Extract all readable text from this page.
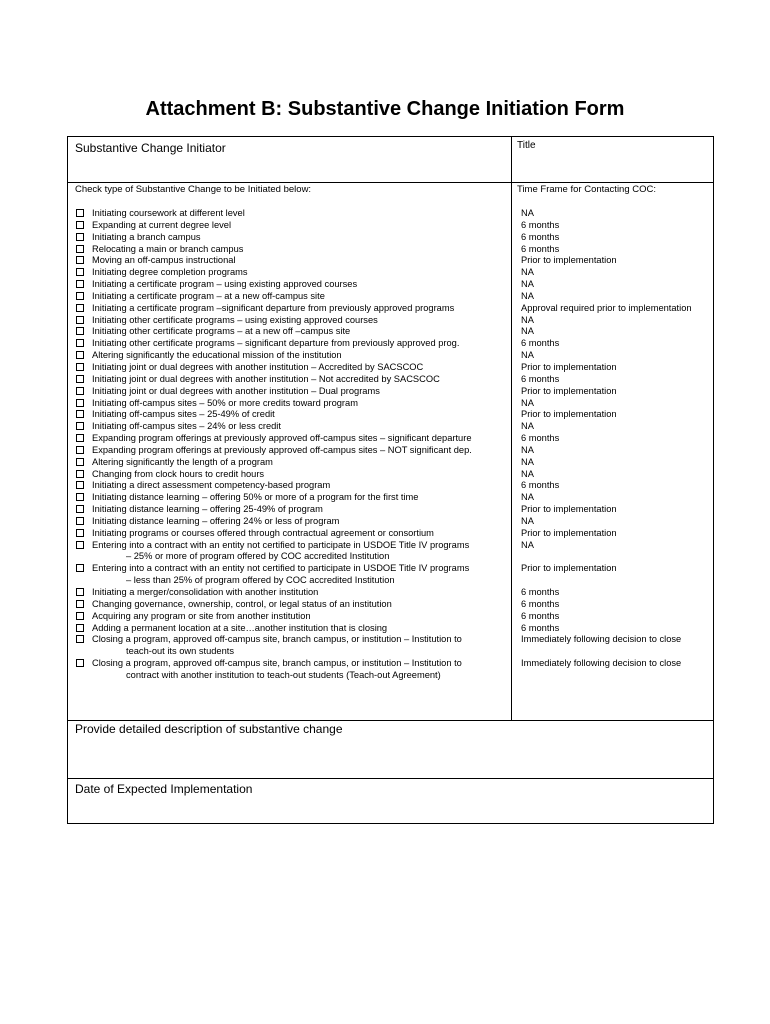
Attachment B: Substantive Change Initiation Form
Substantive Change Initiator	Title
Check type of Substantive Change to be Initiated below:	Time Frame for Contacting COC:
Initiating coursework at different level
Expanding at current degree level
Initiating a branch campus
Relocating a main or branch campus
Moving an off-campus instructional
Initiating degree completion programs
Initiating a certificate program – using existing approved courses
Initiating a certificate program – at a new off-campus site
Initiating a certificate program –significant departure from previously approved programs
Initiating other certificate programs – using existing approved courses
Initiating other certificate programs – at a new off –campus site
Initiating other certificate programs – significant departure from previously approved prog.
Altering significantly the educational mission of the institution
Initiating joint or dual degrees with another institution – Accredited by SACSCOC
Initiating joint or dual degrees with another institution – Not accredited by SACSCOC
Initiating joint or dual degrees with another institution – Dual programs
Initiating off-campus sites – 50% or more credits toward program
Initiating off-campus sites – 25-49% of credit
Initiating off-campus sites – 24% or less credit
Expanding program offerings at previously approved off-campus sites – significant departure
Expanding program offerings at previously approved off-campus sites – NOT significant dep.
Altering significantly the length of a program
Changing from clock hours to credit hours
Initiating a direct assessment competency-based program
Initiating distance learning – offering 50% or more of a program for the first time
Initiating distance learning – offering 25-49% of program
Initiating distance learning – offering 24% or less of program
Initiating programs or courses offered through contractual agreement or consortium
Entering into a contract with an entity not certified to participate in USDOE Title IV programs
– 25% or more of program offered by COC accredited Institution
Entering into a contract with an entity not certified to participate in USDOE Title IV programs
– less than 25% of program offered by COC accredited Institution
Initiating a merger/consolidation with another institution
Changing governance, ownership, control, or legal status of an institution
Acquiring any program or site from another institution
Adding a permanent location at a site…another institution that is closing
Closing a program, approved off-campus site, branch campus, or institution – Institution to
teach-out its own students
Closing a program, approved off-campus site, branch campus, or institution – Institution to
contract with another institution to teach-out students (Teach-out Agreement)
NA
6 months
6 months
6 months
Prior to implementation
NA
NA
NA
Approval required prior to implementation
NA
NA
6 months
NA
Prior to implementation
6 months
Prior to implementation
NA
Prior to implementation
NA
6 months
NA
NA
NA
6 months
NA
Prior to implementation
NA
Prior to implementation
NA

Prior to implementation

6 months
6 months
6 months
6 months
Immediately following decision to close

Immediately following decision to close

Provide detailed description of substantive change
Date of Expected Implementation
